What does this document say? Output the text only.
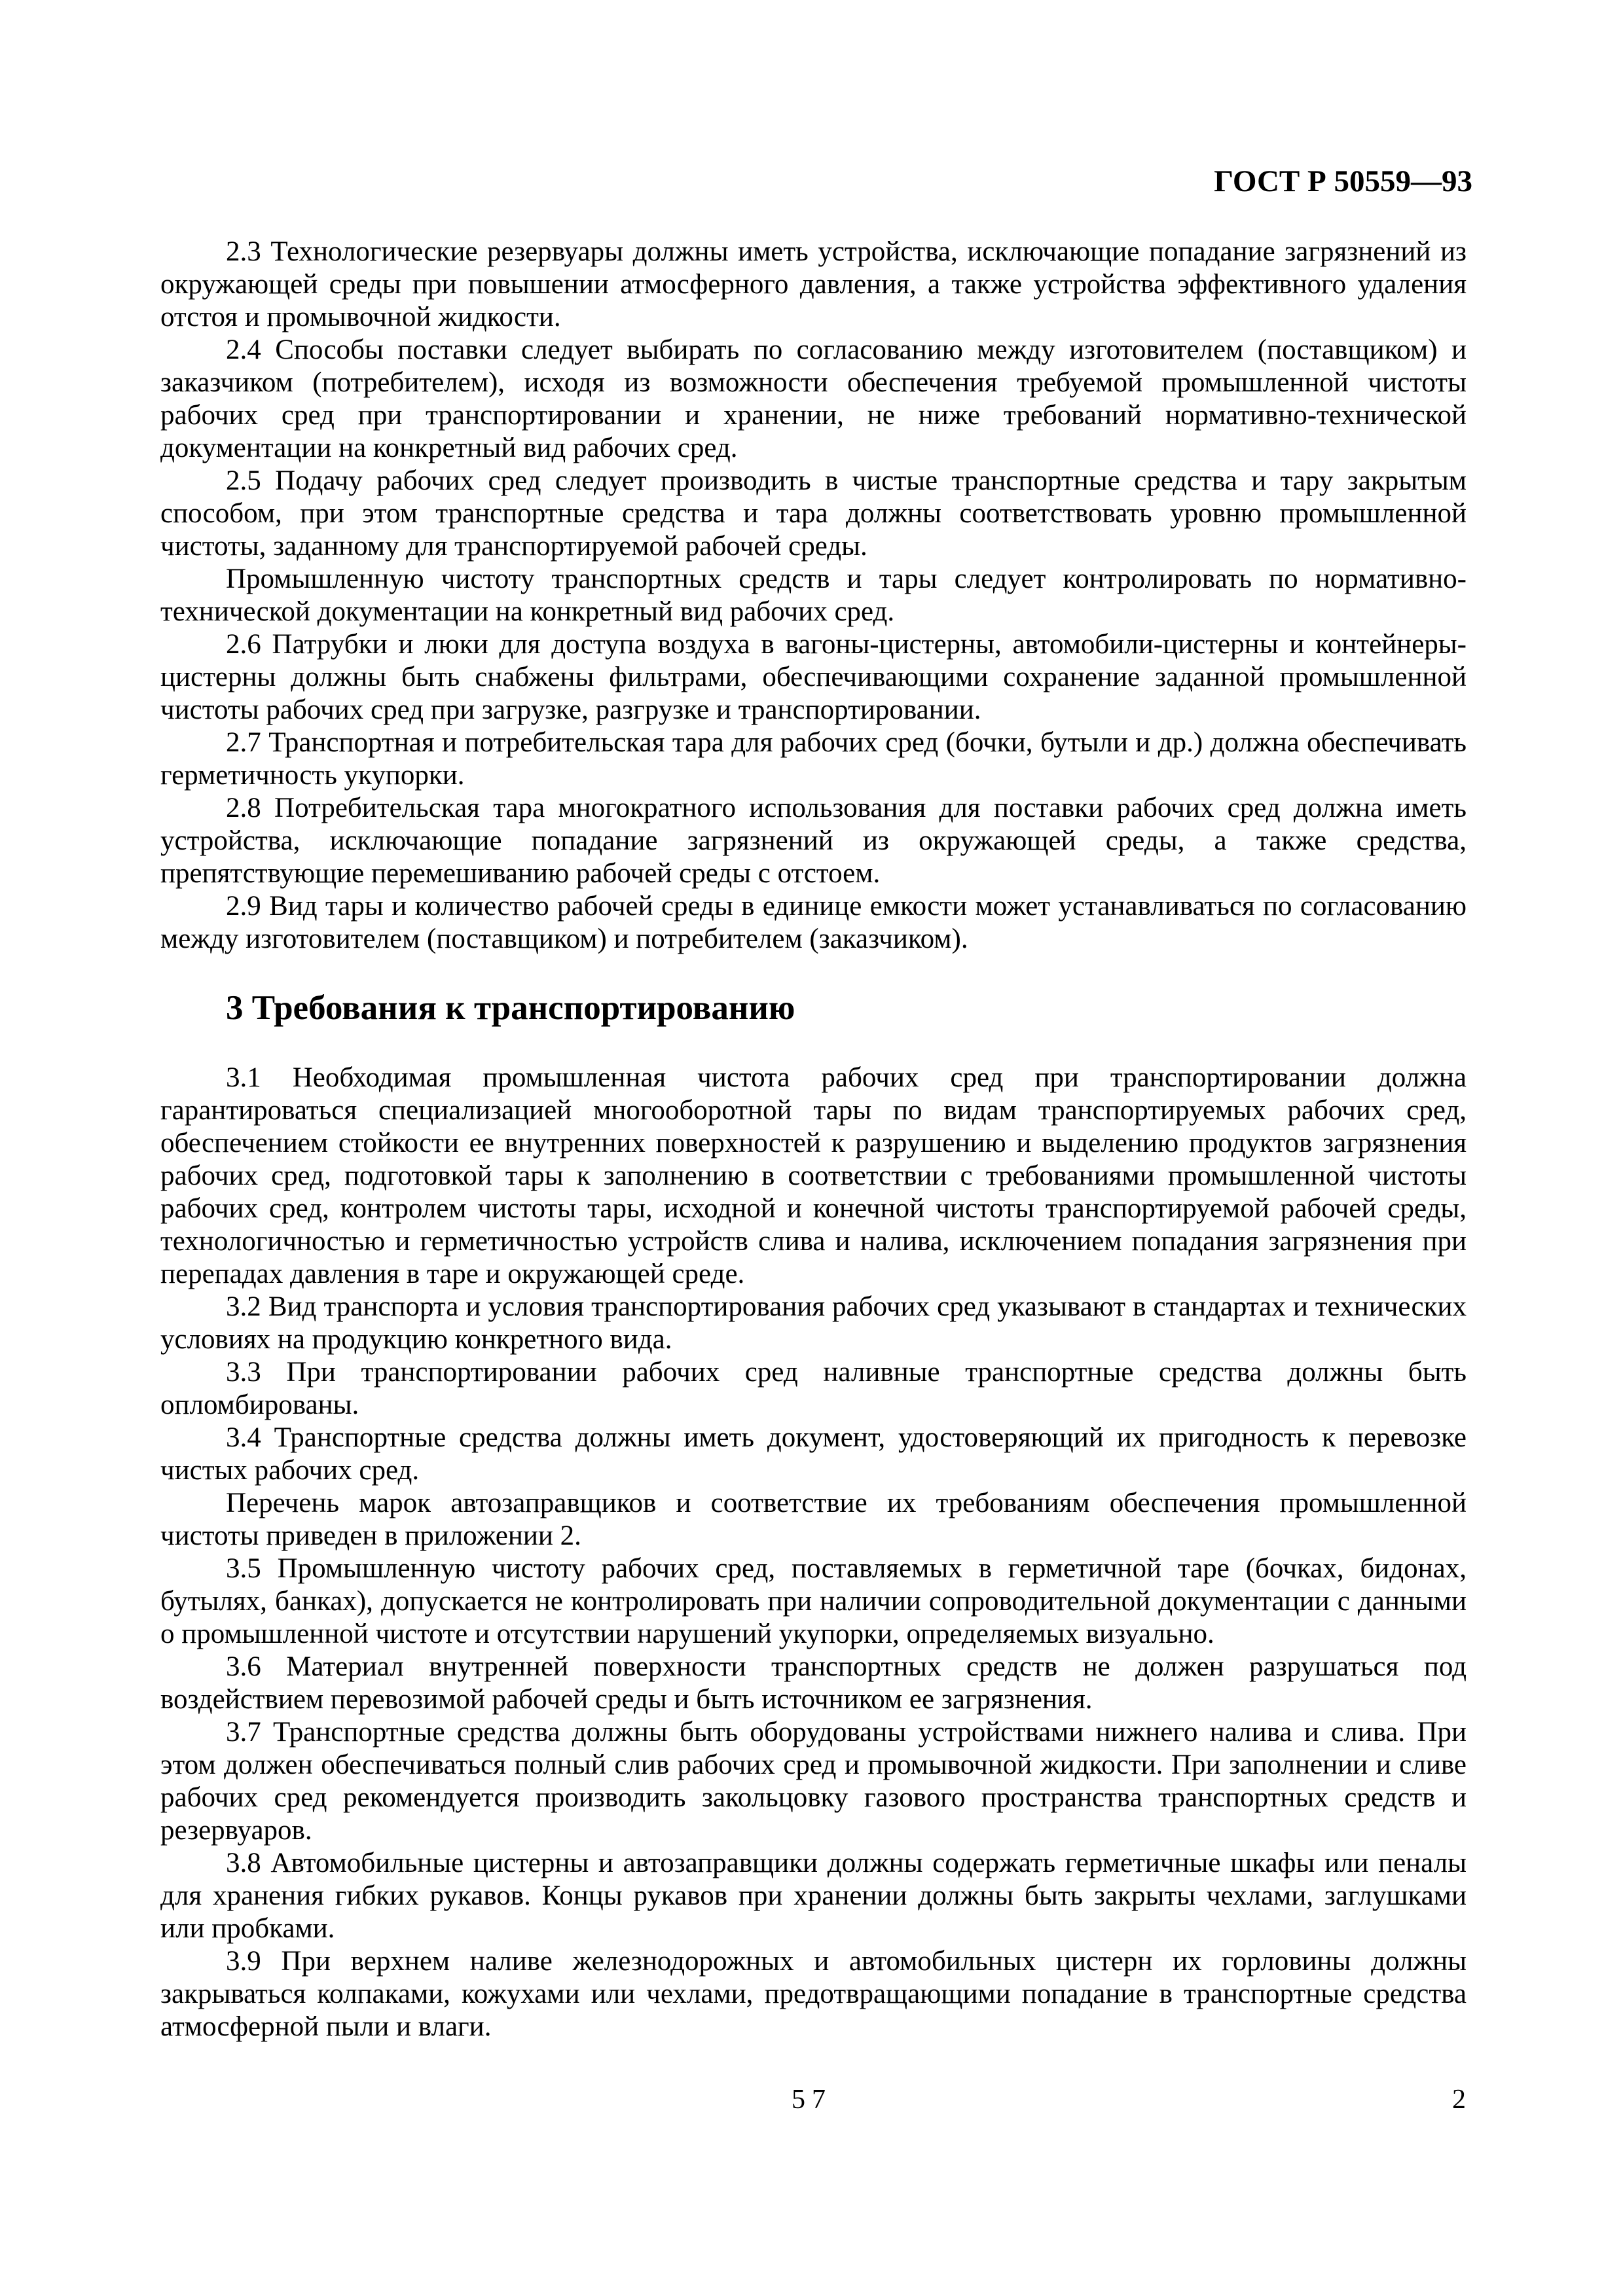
ГОСТ Р 50559—93

2.3 Технологические резервуары должны иметь устройства, исключающие попадание загрязнений из окружающей среды при повышении атмосферного давления, а также устройства эффективного удаления отстоя и промывочной жидкости.

2.4 Способы поставки следует выбирать по согласованию между изготовителем (поставщиком) и заказчиком (потребителем), исходя из возможности обеспечения требуемой промышленной чистоты рабочих сред при транспортировании и хранении, не ниже требований нормативно-технической документации на конкретный вид рабочих сред.

2.5 Подачу рабочих сред следует производить в чистые транспортные средства и тару закрытым способом, при этом транспортные средства и тара должны соответствовать уровню промышленной чистоты, заданному для транспортируемой рабочей среды.

Промышленную чистоту транспортных средств и тары следует контролировать по нормативно-технической документации на конкретный вид рабочих сред.

2.6 Патрубки и люки для доступа воздуха в вагоны-цистерны, автомобили-цистерны и контейнеры-цистерны должны быть снабжены фильтрами, обеспечивающими сохранение заданной промышленной чистоты рабочих сред при загрузке, разгрузке и транспортировании.

2.7 Транспортная и потребительская тара для рабочих сред (бочки, бутыли и др.) должна обеспечивать герметичность укупорки.

2.8 Потребительская тара многократного использования для поставки рабочих сред должна иметь устройства, исключающие попадание загрязнений из окружающей среды, а также средства, препятствующие перемешиванию рабочей среды с отстоем.

2.9 Вид тары и количество рабочей среды в единице емкости может устанавливаться по согласованию между изготовителем (поставщиком) и потребителем (заказчиком).

3 Требования к транспортированию

3.1 Необходимая промышленная чистота рабочих сред при транспортировании должна гарантироваться специализацией многооборотной тары по видам транспортируемых рабочих сред, обеспечением стойкости ее внутренних поверхностей к разрушению и выделению продуктов загрязнения рабочих сред, подготовкой тары к заполнению в соответствии с требованиями промышленной чистоты рабочих сред, контролем чистоты тары, исходной и конечной чистоты транспортируемой рабочей среды, технологичностью и герметичностью устройств слива и налива, исключением попадания загрязнения при перепадах давления в таре и окружающей среде.

3.2 Вид транспорта и условия транспортирования рабочих сред указывают в стандартах и технических условиях на продукцию конкретного вида.

3.3 При транспортировании рабочих сред наливные транспортные средства должны быть опломбированы.

3.4 Транспортные средства должны иметь документ, удостоверяющий их пригодность к перевозке чистых рабочих сред.

Перечень марок автозаправщиков и соответствие их требованиям обеспечения промышленной чистоты приведен в приложении 2.

3.5 Промышленную чистоту рабочих сред, поставляемых в герметичной таре (бочках, бидонах, бутылях, банках), допускается не контролировать при наличии сопроводительной документации с данными о промышленной чистоте и отсутствии нарушений укупорки, определяемых визуально.

3.6 Материал внутренней поверхности транспортных средств не должен разрушаться под воздействием перевозимой рабочей среды и быть источником ее загрязнения.

3.7 Транспортные средства должны быть оборудованы устройствами нижнего налива и слива. При этом должен обеспечиваться полный слив рабочих сред и промывочной жидкости. При заполнении и сливе рабочих сред рекомендуется производить закольцовку газового пространства транспортных средств и резервуаров.

3.8 Автомобильные цистерны и автозаправщики должны содержать герметичные шкафы или пеналы для хранения гибких рукавов. Концы рукавов при хранении должны быть закрыты чехлами, заглушками или пробками.

3.9 При верхнем наливе железнодорожных и автомобильных цистерн их горловины должны закрываться колпаками, кожухами или чехлами, предотвращающими попадание в транспортные средства атмосферной пыли и влаги.

57	2
